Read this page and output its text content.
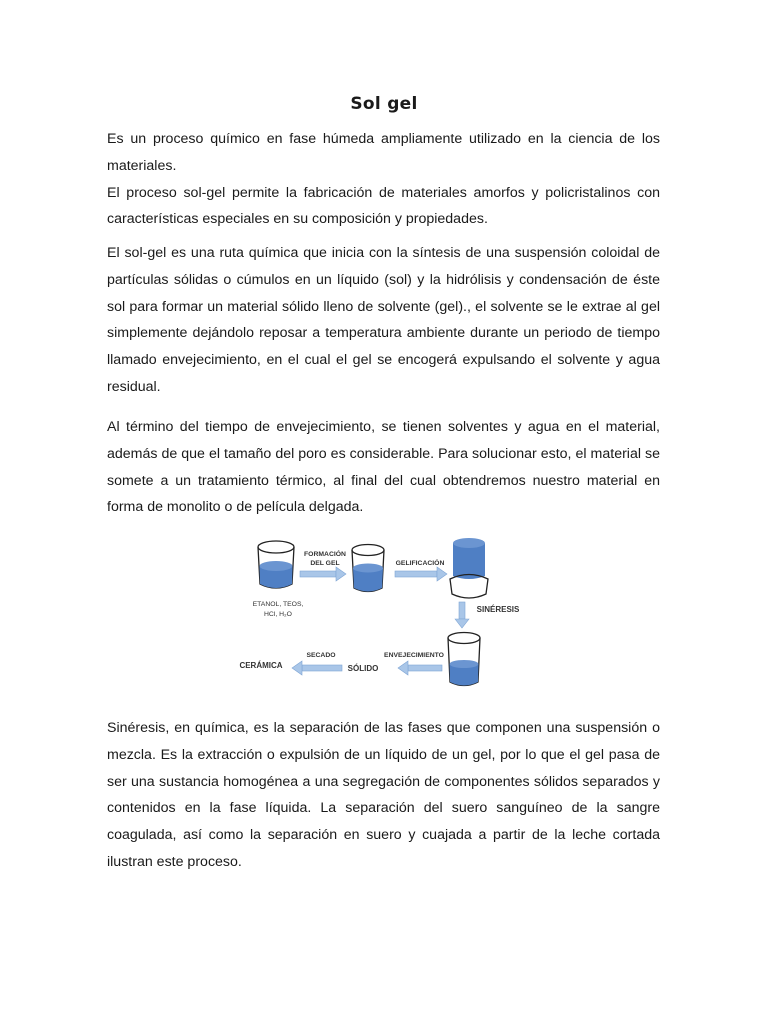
Sol gel
Es un proceso químico en fase húmeda ampliamente utilizado en la ciencia de los materiales.
El proceso sol-gel permite la fabricación de materiales amorfos y policristalinos con características especiales en su composición y propiedades.

El sol-gel es una ruta química que inicia con la síntesis de una suspensión coloidal de partículas sólidas o cúmulos en un líquido (sol) y la hidrólisis y condensación de éste sol para formar un material sólido lleno de solvente (gel)., el solvente se le extrae al gel simplemente dejándolo reposar a temperatura ambiente durante un periodo de tiempo llamado envejecimiento, en el cual el gel se encogerá expulsando el solvente y agua residual.

Al término del tiempo de envejecimiento, se tienen solventes y agua en el material, además de que el tamaño del poro es considerable. Para solucionar esto, el material se somete a un tratamiento térmico, al final del cual obtendremos nuestro material en forma de monolito o de película delgada.

FORMACIÓN
DEL GEL	GELIFICACIÓN
SINÉRESIS
ENVEJECIMIENTO
SECADO
SÓLIDO
CERÁMICA
ETANOL, TEOS,
HCl, H₂O

Sinéresis, en química, es la separación de las fases que componen una suspensión o mezcla. Es la extracción o expulsión de un líquido de un gel, por lo que el gel pasa de ser una sustancia homogénea a una segregación de componentes sólidos separados y contenidos en la fase líquida. La separación del suero sanguíneo de la sangre coagulada, así como la separación en suero y cuajada a partir de la leche cortada ilustran este proceso.
